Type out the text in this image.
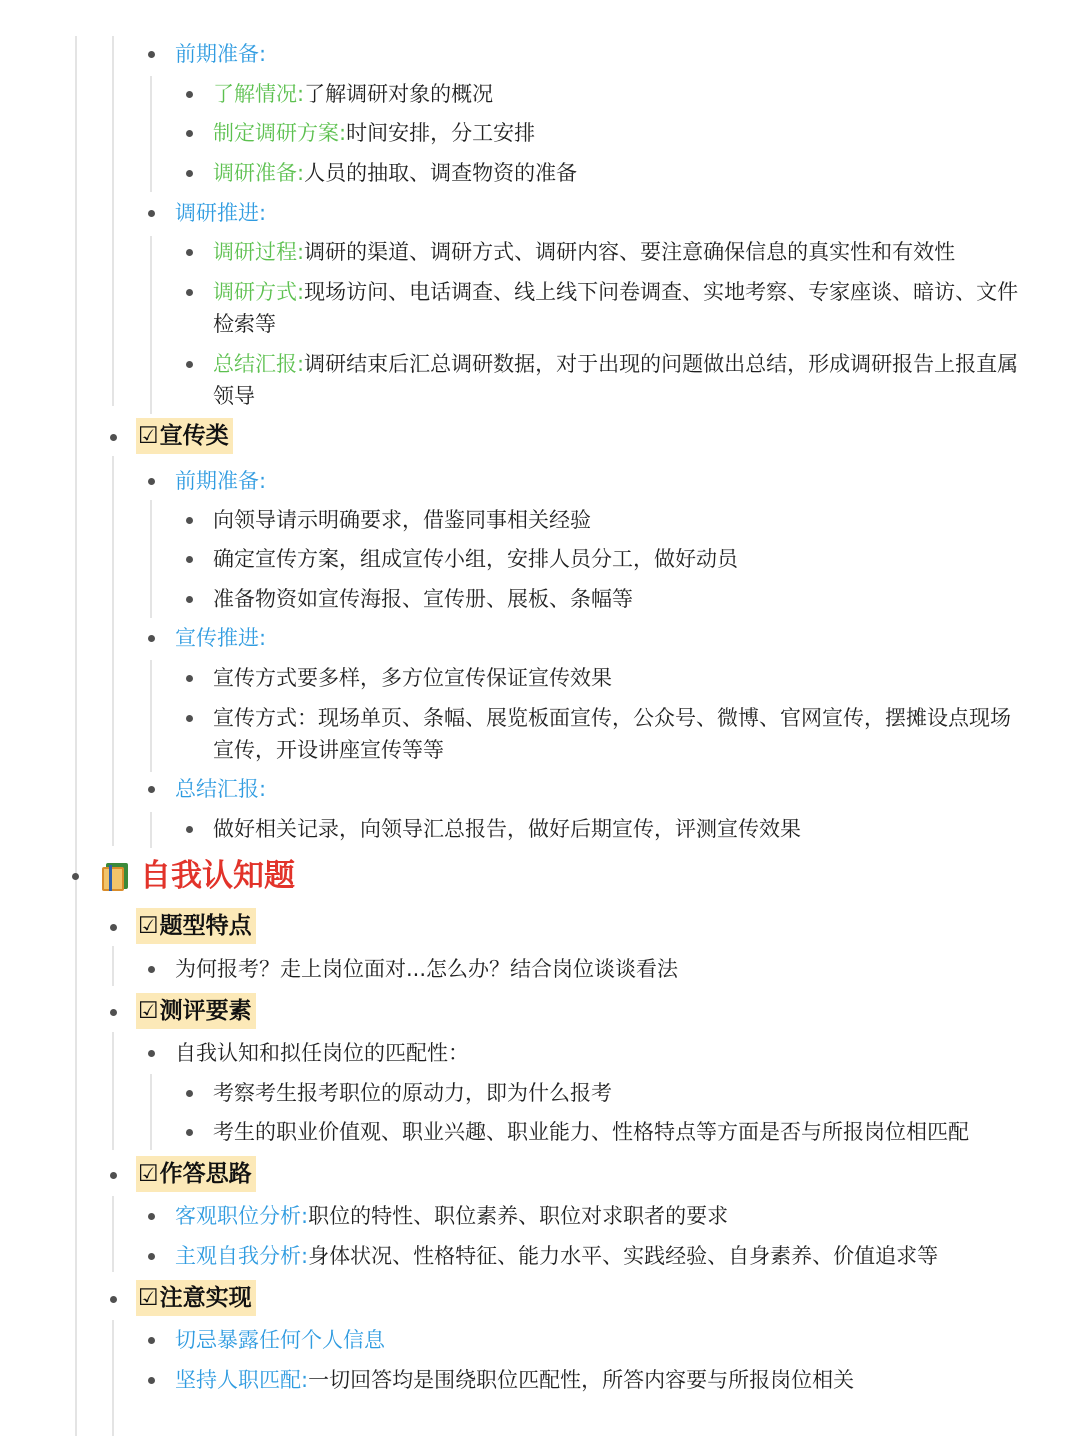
前期准备:
了解情况:了解调研对象的概况
制定调研方案:时间安排，分工安排
调研准备:人员的抽取、调查物资的准备
调研推进:
调研过程:调研的渠道、调研方式、调研内容、要注意确保信息的真实性和有效性
调研方式:现场访问、电话调查、线上线下问卷调查、实地考察、专家座谈、暗访、文件检索等
总结汇报:调研结束后汇总调研数据，对于出现的问题做出总结，形成调研报告上报直属领导
☑宣传类
前期准备:
向领导请示明确要求，借鉴同事相关经验
确定宣传方案，组成宣传小组，安排人员分工，做好动员
准备物资如宣传海报、宣传册、展板、条幅等
宣传推进:
宣传方式要多样，多方位宣传保证宣传效果
宣传方式：现场单页、条幅、展览板面宣传，公众号、微博、官网宣传，摆摊设点现场宣传，开设讲座宣传等等
总结汇报:
做好相关记录，向领导汇总报告，做好后期宣传，评测宣传效果
自我认知题
☑题型特点
为何报考？走上岗位面对...怎么办？结合岗位谈谈看法
☑测评要素
自我认知和拟任岗位的匹配性：
考察考生报考职位的原动力，即为什么报考
考生的职业价值观、职业兴趣、职业能力、性格特点等方面是否与所报岗位相匹配
☑作答思路
客观职位分析:职位的特性、职位素养、职位对求职者的要求
主观自我分析:身体状况、性格特征、能力水平、实践经验、自身素养、价值追求等
☑注意实现
切忌暴露任何个人信息
坚持人职匹配:一切回答均是围绕职位匹配性，所答内容要与所报岗位相关
